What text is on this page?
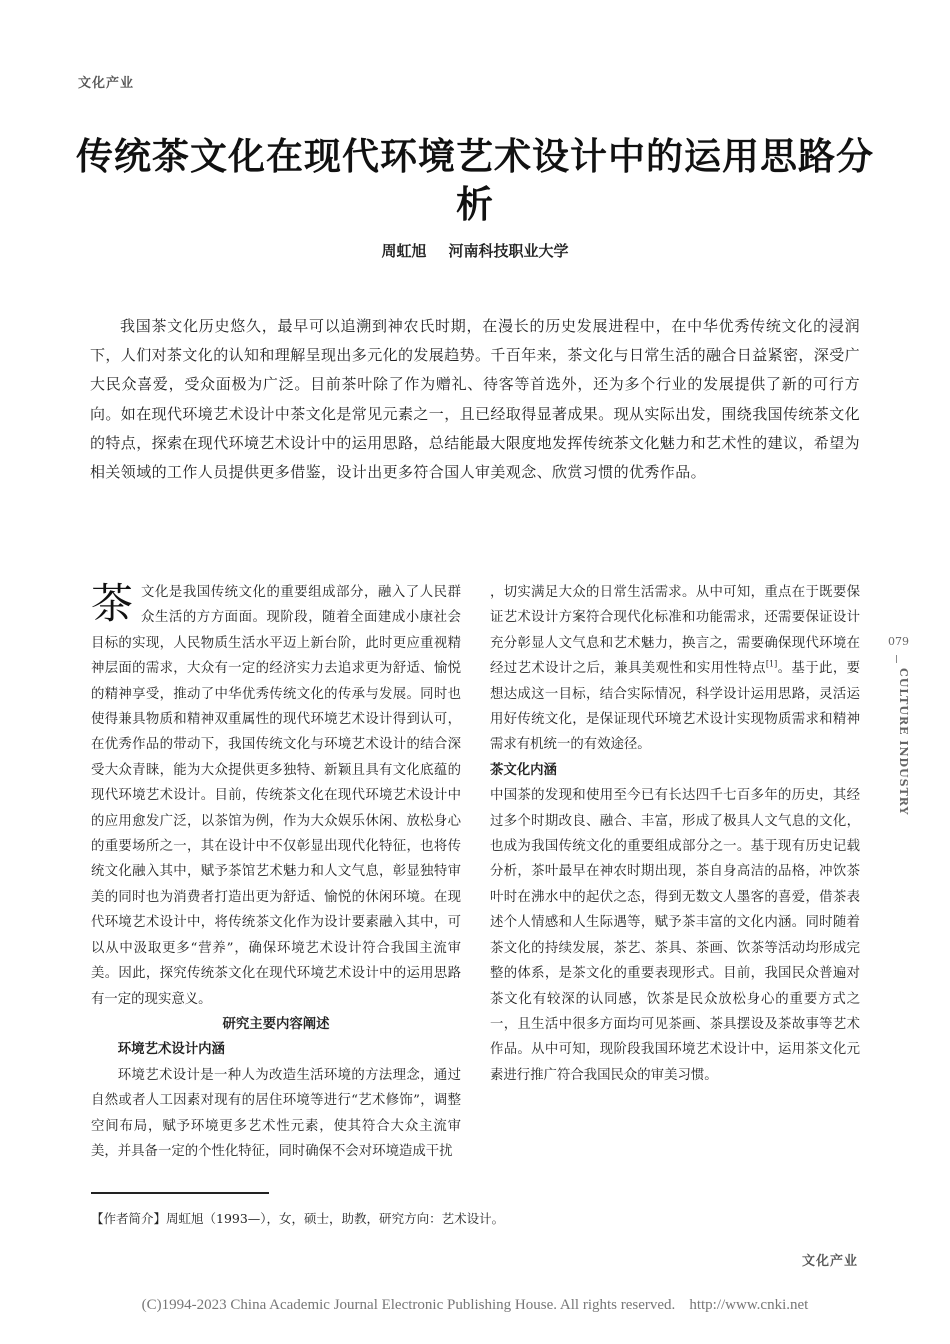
文化产业
传统茶文化在现代环境艺术设计中的运用思路分析
周虹旭 河南科技职业大学
我国茶文化历史悠久，最早可以追溯到神农氏时期，在漫长的历史发展进程中，在中华优秀传统文化的浸润下，人们对茶文化的认知和理解呈现出多元化的发展趋势。千百年来，茶文化与日常生活的融合日益紧密，深受广大民众喜爱，受众面极为广泛。目前茶叶除了作为赠礼、待客等首选外，还为多个行业的发展提供了新的可行方向。如在现代环境艺术设计中茶文化是常见元素之一，且已经取得显著成果。现从实际出发，围绕我国传统茶文化的特点，探索在现代环境艺术设计中的运用思路，总结能最大限度地发挥传统茶文化魅力和艺术性的建议，希望为相关领域的工作人员提供更多借鉴，设计出更多符合国人审美观念、欣赏习惯的优秀作品。

茶文化是我国传统文化的重要组成部分，融入了人民群众生活的方方面面。现阶段，随着全面建成小康社会目标的实现，人民物质生活水平迈上新台阶，此时更应重视精神层面的需求，大众有一定的经济实力去追求更为舒适、愉悦的精神享受，推动了中华优秀传统文化的传承与发展。同时也使得兼具物质和精神双重属性的现代环境艺术设计得到认可，在优秀作品的带动下，我国传统文化与环境艺术设计的结合深受大众青睐，能为大众提供更多独特、新颖且具有文化底蕴的现代环境艺术设计。目前，传统茶文化在现代环境艺术设计中的应用愈发广泛，以茶馆为例，作为大众娱乐休闲、放松身心的重要场所之一，其在设计中不仅彰显出现代化特征，也将传统文化融入其中，赋予茶馆艺术魅力和人文气息，彰显独特审美的同时也为消费者打造出更为舒适、愉悦的休闲环境。在现代环境艺术设计中，将传统茶文化作为设计要素融入其中，可以从中汲取更多“营养”，确保环境艺术设计符合我国主流审美。因此，探究传统茶文化在现代环境艺术设计中的运用思路有一定的现实意义。

研究主要内容阐述

环境艺术设计内涵

环境艺术设计是一种人为改造生活环境的方法理念，通过自然或者人工因素对现有的居住环境等进行“艺术修饰”，调整空间布局，赋予环境更多艺术性元素，使其符合大众主流审美，并具备一定的个性化特征，同时确保不会对环境造成干扰

，切实满足大众的日常生活需求。从中可知，重点在于既要保证艺术设计方案符合现代化标准和功能需求，还需要保证设计充分彰显人文气息和艺术魅力，换言之，需要确保现代环境在经过艺术设计之后，兼具美观性和实用性特点[1]。基于此，要想达成这一目标，结合实际情况，科学设计运用思路，灵活运用好传统文化，是保证现代环境艺术设计实现物质需求和精神需求有机统一的有效途径。

茶文化内涵

中国茶的发现和使用至今已有长达四千七百多年的历史，其经过多个时期改良、融合、丰富，形成了极具人文气息的文化，也成为我国传统文化的重要组成部分之一。基于现有历史记载分析，茶叶最早在神农时期出现，茶自身高洁的品格，冲饮茶叶时在沸水中的起伏之态，得到无数文人墨客的喜爱，借茶表述个人情感和人生际遇等，赋予茶丰富的文化内涵。同时随着茶文化的持续发展，茶艺、茶具、茶画、饮茶等活动均形成完整的体系，是茶文化的重要表现形式。目前，我国民众普遍对茶文化有较深的认同感，饮茶是民众放松身心的重要方式之一，且生活中很多方面均可见茶画、茶具摆设及茶故事等艺术作品。从中可知，现阶段我国环境艺术设计中，运用茶文化元素进行推广符合我国民众的审美习惯。

079
CULTURE INDUSTRY
【作者简介】周虹旭（1993—），女，硕士，助教，研究方向：艺术设计。
文化产业
(C)1994-2023 China Academic Journal Electronic Publishing House. All rights reserved. http://www.cnki.net
